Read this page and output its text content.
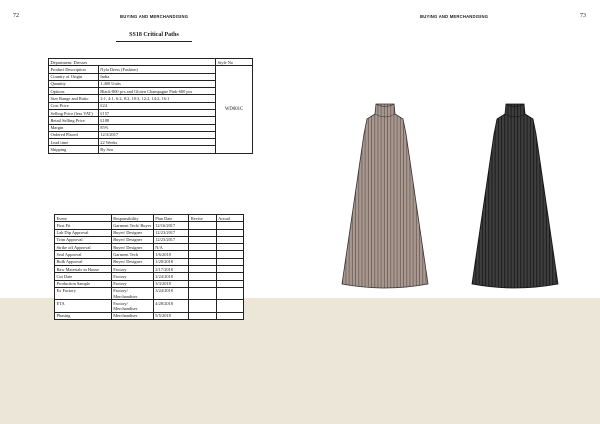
72	73
BUYING AND MERCHANDISING	BUYING AND MERCHANDISING
SS18 Critical Paths
Department: Dresses		Style No
Product Description	Nyla Dress (Fashion)	WD001C
Country of Origin	India	
Quantity	1,400 Units	
Options	Black-800 pcs and Gloten Champagne Pink-600 pcs	
Size Range and Ratio	2:1, 4:1, 6:2, 8:2, 10:3, 12:2, 14:2, 16:1	
Cost Price	£24	
Selling Price (less VAT)	£157	
Retail Selling Price	£188	
Margin	85%	
Ordered Placed	12/3/2017	
Lead time	22 Weeks	
Shipping	By Sea	
Event	Responsibility	Plan Date	Revise	Actual
First Fit	Garment Tech/ Buyer	12/16/2017		
Lab Dip Approval	Buyer/ Designer	12/23/2017		
Trim Approval	Buyer/ Designer	12/23/2017		
Strike off Approval	Buyer/ Designer	N/A		
Seal Approval	Garment Tech	1/6/2018		
Bulk Approval	Buyer/ Designer	1/20/2018		
Raw Materials in House	Factory	2/17/2018		
Cut Date	Factory	2/24/2018		
Production Sample	Factory	3/3/2018		
Ex Factory	Factory/ Merchandiser	3/24/2018		
ETA	Factory/ Merchandiser	4/28/2018		
Phasing	Merchandiser	5/5/2018		
